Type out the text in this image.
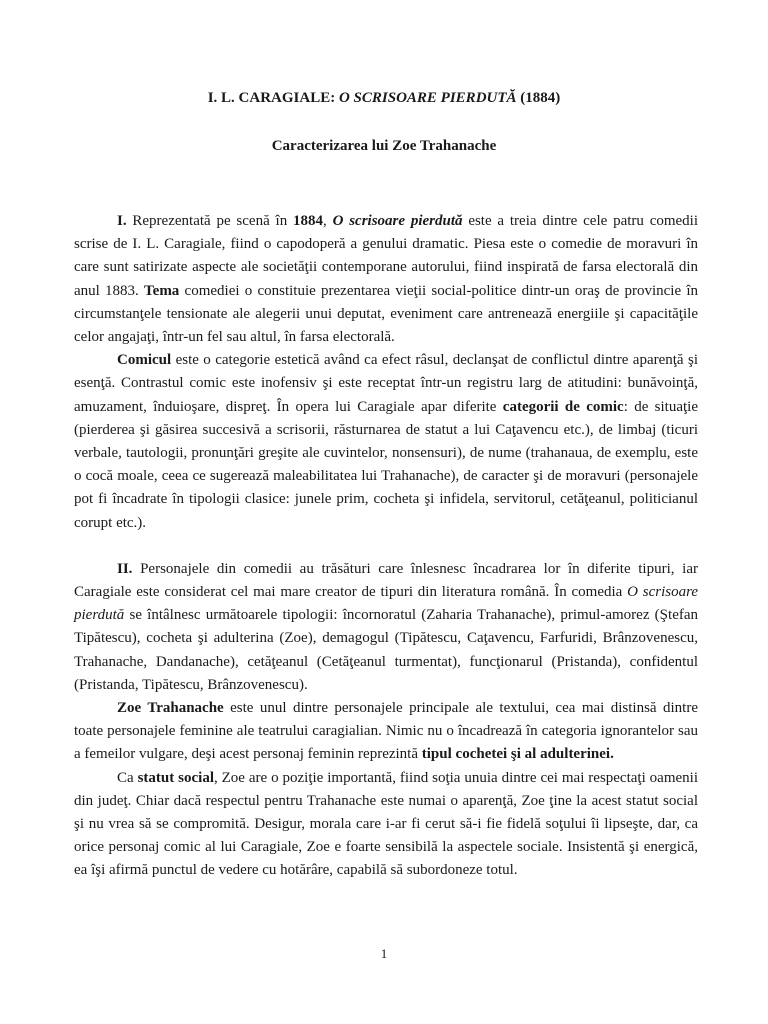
I. L. CARAGIALE: O SCRISOARE PIERDUTĂ (1884)
Caracterizarea lui Zoe Trahanache

I. Reprezentată pe scenă în 1884, O scrisoare pierdută este a treia dintre cele patru comedii scrise de I. L. Caragiale, fiind o capodoperă a genului dramatic. Piesa este o comedie de moravuri în care sunt satirizate aspecte ale societăţii contemporane autorului, fiind inspirată de farsa electorală din anul 1883. Tema comediei o constituie prezentarea vieţii social-politice dintr-un oraş de provincie în circumstanţele tensionate ale alegerii unui deputat, eveniment care antrenează energiile şi capacităţile celor angajaţi, într-un fel sau altul, în farsa electorală.

Comicul este o categorie estetică având ca efect râsul, declanşat de conflictul dintre aparenţă şi esenţă. Contrastul comic este inofensiv şi este receptat într-un registru larg de atitudini: bunăvoinţă, amuzament, înduioşare, dispreţ. În opera lui Caragiale apar diferite categorii de comic: de situaţie (pierderea şi găsirea succesivă a scrisorii, răsturnarea de statut a lui Caţavencu etc.), de limbaj (ticuri verbale, tautologii, pronunţări greşite ale cuvintelor, nonsensuri), de nume (trahanaua, de exemplu, este o cocă moale, ceea ce sugerează maleabilitatea lui Trahanache), de caracter şi de moravuri (personajele pot fi încadrate în tipologii clasice: junele prim, cocheta şi infidela, servitorul, cetăţeanul, politicianul corupt etc.).

II. Personajele din comedii au trăsături care înlesnesc încadrarea lor în diferite tipuri, iar Caragiale este considerat cel mai mare creator de tipuri din literatura română. În comedia O scrisoare pierdută se întâlnesc următoarele tipologii: încornoratul (Zaharia Trahanache), primul-amorez (Ştefan Tipătescu), cocheta şi adulterina (Zoe), demagogul (Tipătescu, Caţavencu, Farfuridi, Brânzovenescu, Trahanache, Dandanache), cetăţeanul (Cetăţeanul turmentat), funcţionarul (Pristanda), confidentul (Pristanda, Tipătescu, Brânzovenescu).

Zoe Trahanache este unul dintre personajele principale ale textului, cea mai distinsă dintre toate personajele feminine ale teatrului caragialian. Nimic nu o încadrează în categoria ignorantelor sau a femeilor vulgare, deşi acest personaj feminin reprezintă tipul cochetei şi al adulterinei.

Ca statut social, Zoe are o poziţie importantă, fiind soţia unuia dintre cei mai respectaţi oamenii din judeţ. Chiar dacă respectul pentru Trahanache este numai o aparenţă, Zoe ţine la acest statut social şi nu vrea să se compromită. Desigur, morala care i-ar fi cerut să-i fie fidelă soţului îi lipseşte, dar, ca orice personaj comic al lui Caragiale, Zoe e foarte sensibilă la aspectele sociale. Insistentă şi energică, ea îşi afirmă punctul de vedere cu hotărâre, capabilă să subordoneze totul.

1
